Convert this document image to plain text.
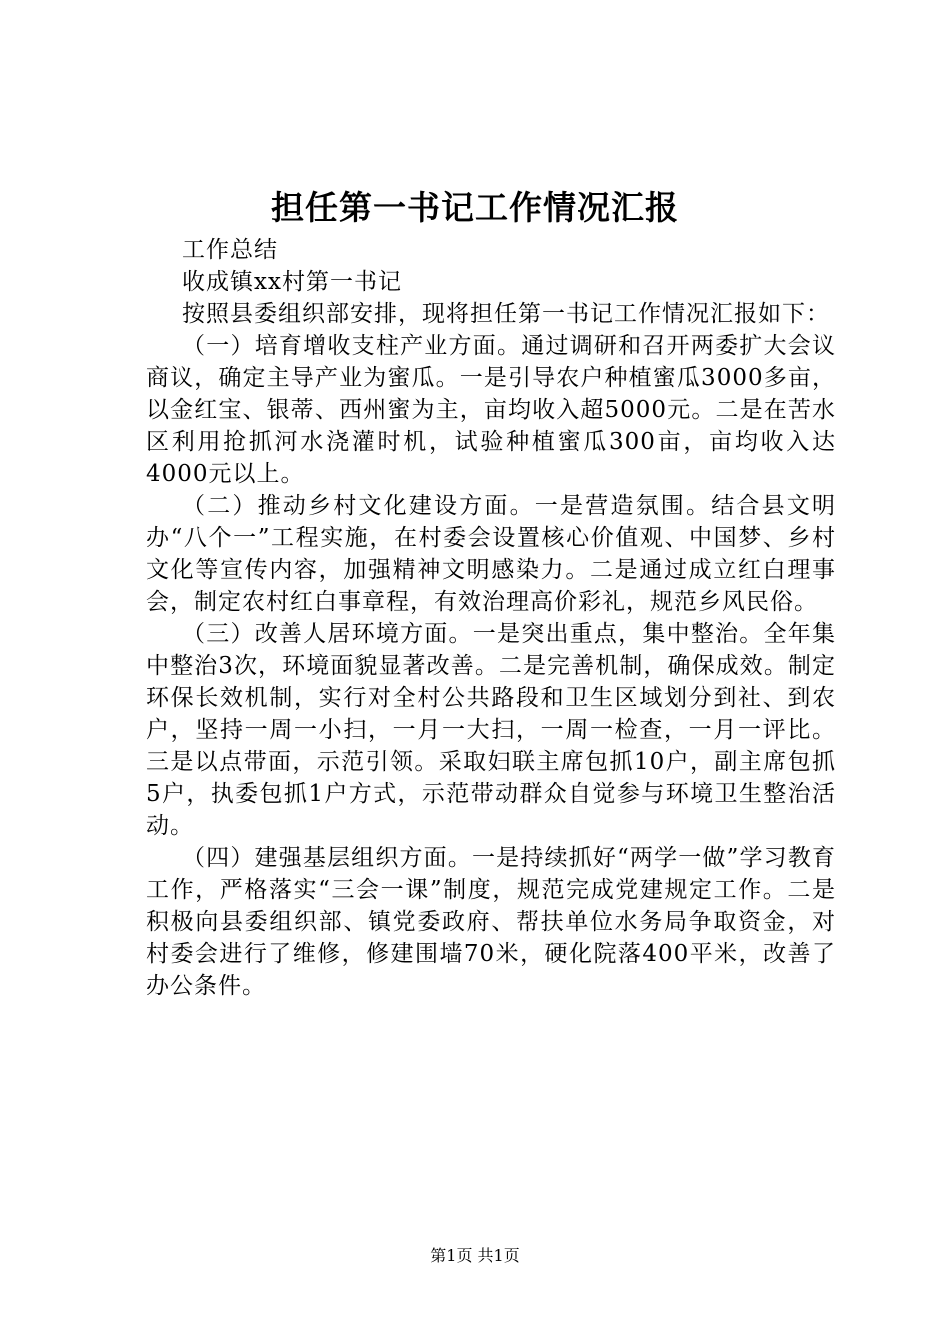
担任第一书记工作情况汇报

工作总结

收成镇xx村第一书记

按照县委组织部安排，现将担任第一书记工作情况汇报如下：

（一）培育增收支柱产业方面。通过调研和召开两委扩大会议商议，确定主导产业为蜜瓜。一是引导农户种植蜜瓜3000多亩，以金红宝、银蒂、西州蜜为主，亩均收入超5000元。二是在苦水区利用抢抓河水浇灌时机，试验种植蜜瓜300亩，亩均收入达4000元以上。

（二）推动乡村文化建设方面。一是营造氛围。结合县文明办“八个一”工程实施，在村委会设置核心价值观、中国梦、乡村文化等宣传内容，加强精神文明感染力。二是通过成立红白理事会，制定农村红白事章程，有效治理高价彩礼，规范乡风民俗。

（三）改善人居环境方面。一是突出重点，集中整治。全年集中整治3次，环境面貌显著改善。二是完善机制，确保成效。制定环保长效机制，实行对全村公共路段和卫生区域划分到社、到农户，坚持一周一小扫，一月一大扫，一周一检查，一月一评比。三是以点带面，示范引领。采取妇联主席包抓10户，副主席包抓5户，执委包抓1户方式，示范带动群众自觉参与环境卫生整治活动。

（四）建强基层组织方面。一是持续抓好“两学一做”学习教育工作，严格落实“三会一课”制度，规范完成党建规定工作。二是积极向县委组织部、镇党委政府、帮扶单位水务局争取资金，对村委会进行了维修，修建围墙70米，硬化院落400平米，改善了办公条件。

第1页 共1页
